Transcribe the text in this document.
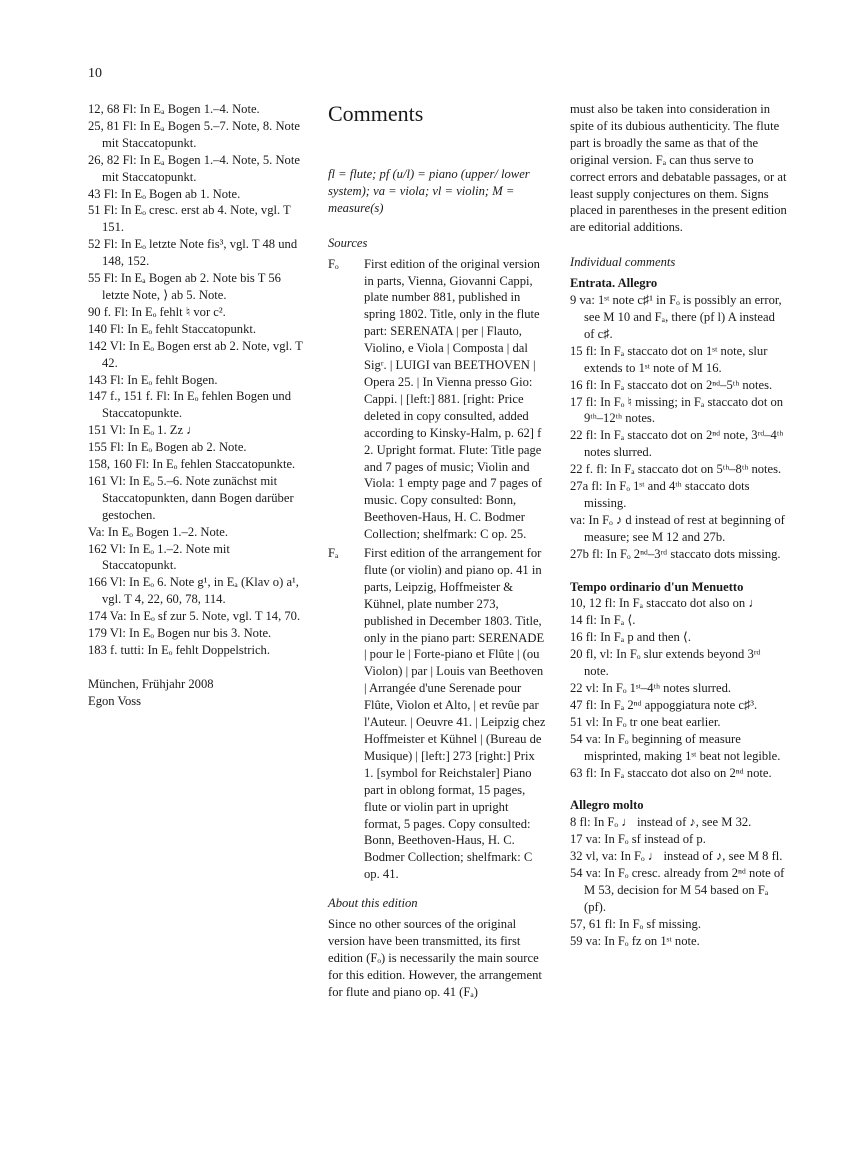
10

12, 68 Fl: In Eₐ Bogen 1.–4. Note.

25, 81 Fl: In Eₐ Bogen 5.–7. Note, 8. Note mit Staccatopunkt.

26, 82 Fl: In Eₐ Bogen 1.–4. Note, 5. Note mit Staccatopunkt.

43 Fl: In Eₒ Bogen ab 1. Note.

51 Fl: In Eₒ cresc. erst ab 4. Note, vgl. T 151.

52 Fl: In Eₒ letzte Note fis³, vgl. T 48 und 148, 152.

55 Fl: In Eₐ Bogen ab 2. Note bis T 56 letzte Note, ⟩ ab 5. Note.

90 f. Fl: In Eₒ fehlt ♮ vor c².

140 Fl: In Eₒ fehlt Staccatopunkt.

142 Vl: In Eₒ Bogen erst ab 2. Note, vgl. T 42.

143 Fl: In Eₒ fehlt Bogen.

147 f., 151 f. Fl: In Eₒ fehlen Bogen und Staccatopunkte.

151 Vl: In Eₒ 1. Zz ♩

155 Fl: In Eₒ Bogen ab 2. Note.

158, 160 Fl: In Eₒ fehlen Staccatopunkte.

161 Vl: In Eₒ 5.–6. Note zunächst mit Staccatopunkten, dann Bogen darüber gestochen.

Va: In Eₒ Bogen 1.–2. Note.

162 Vl: In Eₒ 1.–2. Note mit Staccatopunkt.

166 Vl: In Eₒ 6. Note g¹, in Eₐ (Klav o) a¹, vgl. T 4, 22, 60, 78, 114.

174 Va: In Eₒ sf zur 5. Note, vgl. T 14, 70.

179 Vl: In Eₒ Bogen nur bis 3. Note.

183 f. tutti: In Eₒ fehlt Doppelstrich.

München, Frühjahr 2008

Egon Voss

Comments

fl = flute; pf (u/l) = piano (upper/ lower system); va = viola; vl = violin; M = measure(s)

Sources

Fₒ First edition of the original version in parts, Vienna, Giovanni Cappi, plate number 881, published in spring 1802. Title, only in the flute part: SERENATA | per | Flauto, Violino, e Viola | Composta | dal Sigʳ. | LUIGI van BEETHOVEN | Opera 25. | In Vienna presso Gio: Cappi. | [left:] 881. [right: Price deleted in copy consulted, added according to Kinsky-Halm, p. 62] f 2. Upright format. Flute: Title page and 7 pages of music; Violin and Viola: 1 empty page and 7 pages of music. Copy consulted: Bonn, Beethoven-Haus, H. C. Bodmer Collection; shelfmark: C op. 25.
Fₐ First edition of the arrangement for flute (or violin) and piano op. 41 in parts, Leipzig, Hoffmeister & Kühnel, plate number 273, published in December 1803. Title, only in the piano part: SERENADE | pour le | Forte-piano et Flûte | (ou Violon) | par | Louis van Beethoven | Arrangée d'une Serenade pour Flûte, Violon et Alto, | et revûe par l'Auteur. | Oeuvre 41. | Leipzig chez Hoffmeister et Kühnel | (Bureau de Musique) | [left:] 273 [right:] Prix 1. [symbol for Reichstaler] Piano part in oblong format, 15 pages, flute or violin part in upright format, 5 pages. Copy consulted: Bonn, Beethoven-Haus, H. C. Bodmer Collection; shelfmark: C op. 41.

About this edition

Since no other sources of the original version have been transmitted, its first edition (Fₒ) is necessarily the main source for this edition. However, the arrangement for flute and piano op. 41 (Fₐ)

must also be taken into consideration in spite of its dubious authenticity. The flute part is broadly the same as that of the original version. Fₐ can thus serve to correct errors and debatable passages, or at least supply conjectures on them. Signs placed in parentheses in the present edition are editorial additions.

Individual comments

Entrata. Allegro

9 va: 1ˢᵗ note c♯¹ in Fₒ is possibly an error, see M 10 and Fₐ, there (pf l) A instead of c♯.

15 fl: In Fₐ staccato dot on 1ˢᵗ note, slur extends to 1ˢᵗ note of M 16.

16 fl: In Fₐ staccato dot on 2ⁿᵈ–5ᵗʰ notes.

17 fl: In Fₒ ♮ missing; in Fₐ staccato dot on 9ᵗʰ–12ᵗʰ notes.

22 fl: In Fₐ staccato dot on 2ⁿᵈ note, 3ʳᵈ–4ᵗʰ notes slurred.

22 f. fl: In Fₐ staccato dot on 5ᵗʰ–8ᵗʰ notes.

27a fl: In Fₒ 1ˢᵗ and 4ᵗʰ staccato dots missing.

va: In Fₒ ♪ d instead of rest at beginning of measure; see M 12 and 27b.

27b fl: In Fₒ 2ⁿᵈ–3ʳᵈ staccato dots missing.

Tempo ordinario d'un Menuetto

10, 12 fl: In Fₐ staccato dot also on ♩

14 fl: In Fₐ ⟨.

16 fl: In Fₐ p and then ⟨.

20 fl, vl: In Fₒ slur extends beyond 3ʳᵈ note.

22 vl: In Fₒ 1ˢᵗ–4ᵗʰ notes slurred.

47 fl: In Fₐ 2ⁿᵈ appoggiatura note c♯³.

51 vl: In Fₒ tr one beat earlier.

54 va: In Fₒ beginning of measure misprinted, making 1ˢᵗ beat not legible.

63 fl: In Fₐ staccato dot also on 2ⁿᵈ note.

Allegro molto

8 fl: In Fₒ ♩ instead of ♪, see M 32.

17 va: In Fₒ sf instead of p.

32 vl, va: In Fₒ ♩ instead of ♪, see M 8 fl.

54 va: In Fₒ cresc. already from 2ⁿᵈ note of M 53, decision for M 54 based on Fₐ (pf).

57, 61 fl: In Fₒ sf missing.

59 va: In Fₒ fz on 1ˢᵗ note.
